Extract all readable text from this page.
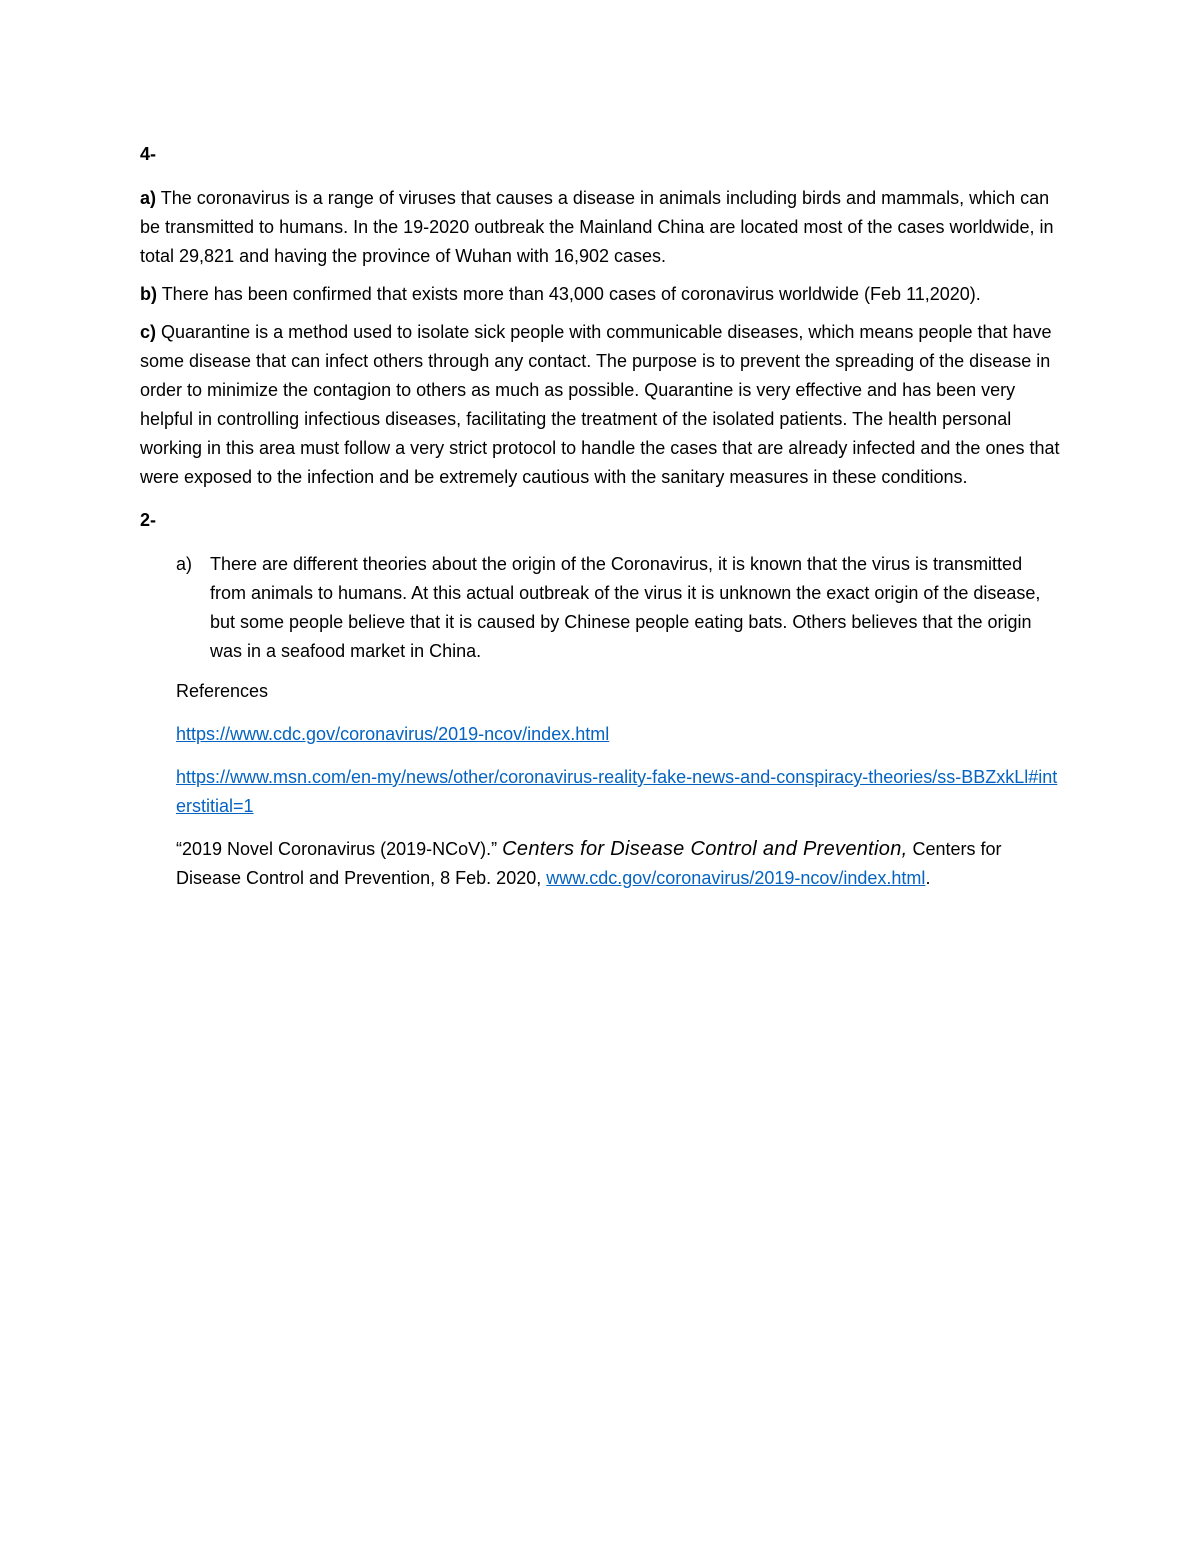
4-

a) The coronavirus is a range of viruses that causes a disease in animals including birds and mammals, which can be transmitted to humans. In the 19-2020 outbreak the Mainland China are located most of the cases worldwide, in total 29,821 and having the province of Wuhan with 16,902 cases.

b) There has been confirmed that exists more than 43,000 cases of coronavirus worldwide (Feb 11,2020).

c) Quarantine is a method used to isolate sick people with communicable diseases, which means people that have some disease that can infect others through any contact. The purpose is to prevent the spreading of the disease in order to minimize the contagion to others as much as possible. Quarantine is very effective and has been very helpful in controlling infectious diseases, facilitating the treatment of the isolated patients. The health personal working in this area must follow a very strict protocol to handle the cases that are already infected and the ones that were exposed to the infection and be extremely cautious with the sanitary measures in these conditions.

2-
a) There are different theories about the origin of the Coronavirus, it is known that the virus is transmitted from animals to humans. At this actual outbreak of the virus it is unknown the exact origin of the disease, but some people believe that it is caused by Chinese people eating bats. Others believes that the origin was in a seafood market in China.
References
https://www.cdc.gov/coronavirus/2019-ncov/index.html
https://www.msn.com/en-my/news/other/coronavirus-reality-fake-news-and-conspiracy-theories/ss-BBZxkLl#interstitial=1
“2019 Novel Coronavirus (2019-NCoV).” Centers for Disease Control and Prevention, Centers for Disease Control and Prevention, 8 Feb. 2020, www.cdc.gov/coronavirus/2019-ncov/index.html.
